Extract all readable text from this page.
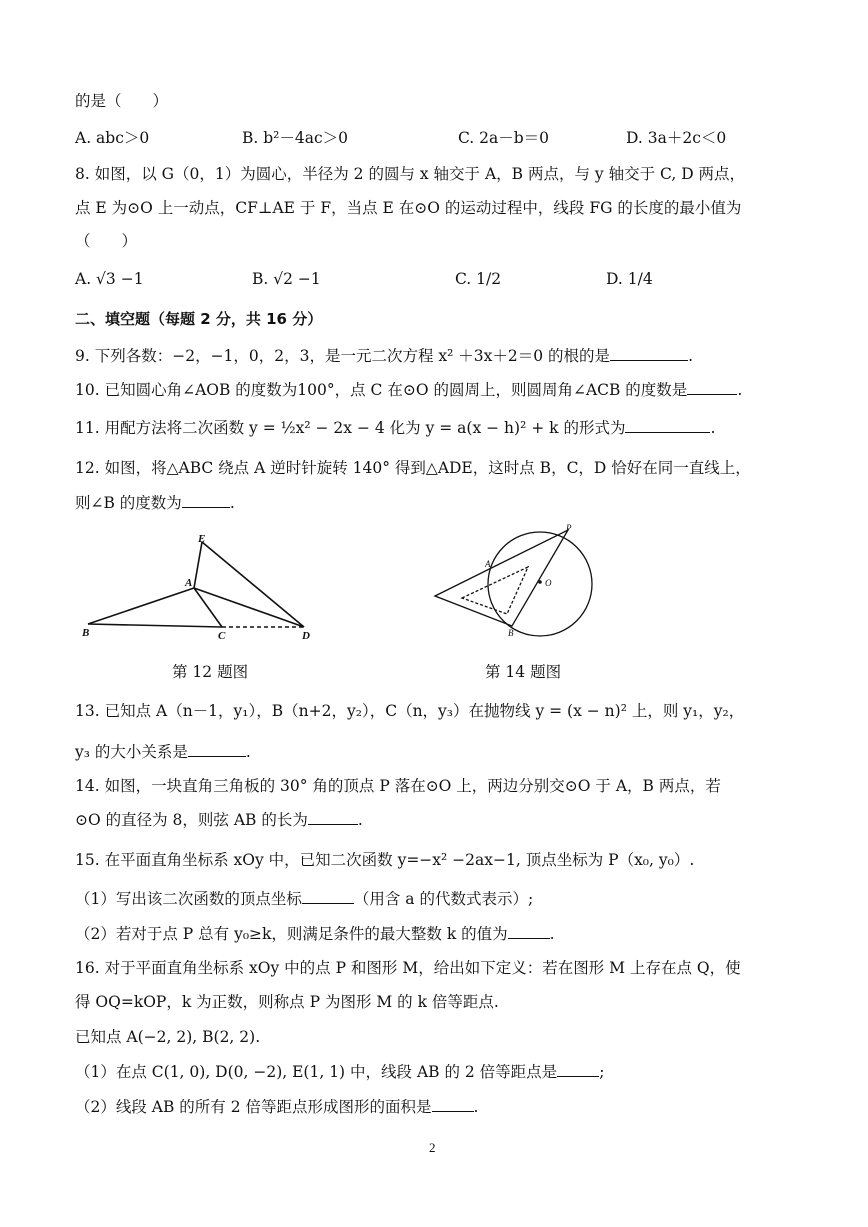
的是（　　）
A. abc＞0	B. b²－4ac＞0	C. 2a－b＝0	D. 3a＋2c＜0
8. 如图，以 G（0，1）为圆心，半径为 2 的圆与 x 轴交于 A，B 两点，与 y 轴交于 C, D 两点，
点 E 为⊙O 上一动点，CF⊥AE 于 F，当点 E 在⊙O 的运动过程中，线段 FG 的长度的最小值为
（　　）
A. √3 −1	B. √2 −1	C. 1/2	D. 1/4
二、填空题（每题 2 分，共 16 分）
9. 下列各数：−2，−1，0，2，3，是一元二次方程 x² ＋3x＋2＝0 的根的是	.
10. 已知圆心角∠AOB 的度数为100°，点 C 在⊙O 的圆周上，则圆周角∠ACB 的度数是	.
11. 用配方法将二次函数 y = ½x² − 2x − 4 化为 y = a(x − h)² + k 的形式为	.
12. 如图，将△ABC 绕点 A 逆时针旋转 140° 得到△ADE，这时点 B，C，D 恰好在同一直线上，
则∠B 的度数为	.
E
A
B	C	D
第 12 题图
P
A
O
B
第 14 题图
13. 已知点 A（n－1，y₁），B（n+2，y₂），C（n，y₃）在抛物线 y = (x − n)² 上，则 y₁，y₂，
y₃ 的大小关系是	.
14. 如图，一块直角三角板的 30° 角的顶点 P 落在⊙O 上，两边分别交⊙O 于 A，B 两点，若
⊙O 的直径为 8，则弦 AB 的长为	.
15. 在平面直角坐标系 xOy 中，已知二次函数 y=−x² −2ax−1, 顶点坐标为 P（x₀, y₀）.
（1）写出该二次函数的顶点坐标	（用含 a 的代数式表示）;
（2）若对于点 P 总有 y₀≥k，则满足条件的最大整数 k 的值为	.
16. 对于平面直角坐标系 xOy 中的点 P 和图形 M，给出如下定义：若在图形 M 上存在点 Q，使
得 OQ=kOP，k 为正数，则称点 P 为图形 M 的 k 倍等距点.
已知点 A(−2, 2), B(2, 2).
（1）在点 C(1, 0), D(0, −2), E(1, 1) 中，线段 AB 的 2 倍等距点是	;
（2）线段 AB 的所有 2 倍等距点形成图形的面积是	.
2
